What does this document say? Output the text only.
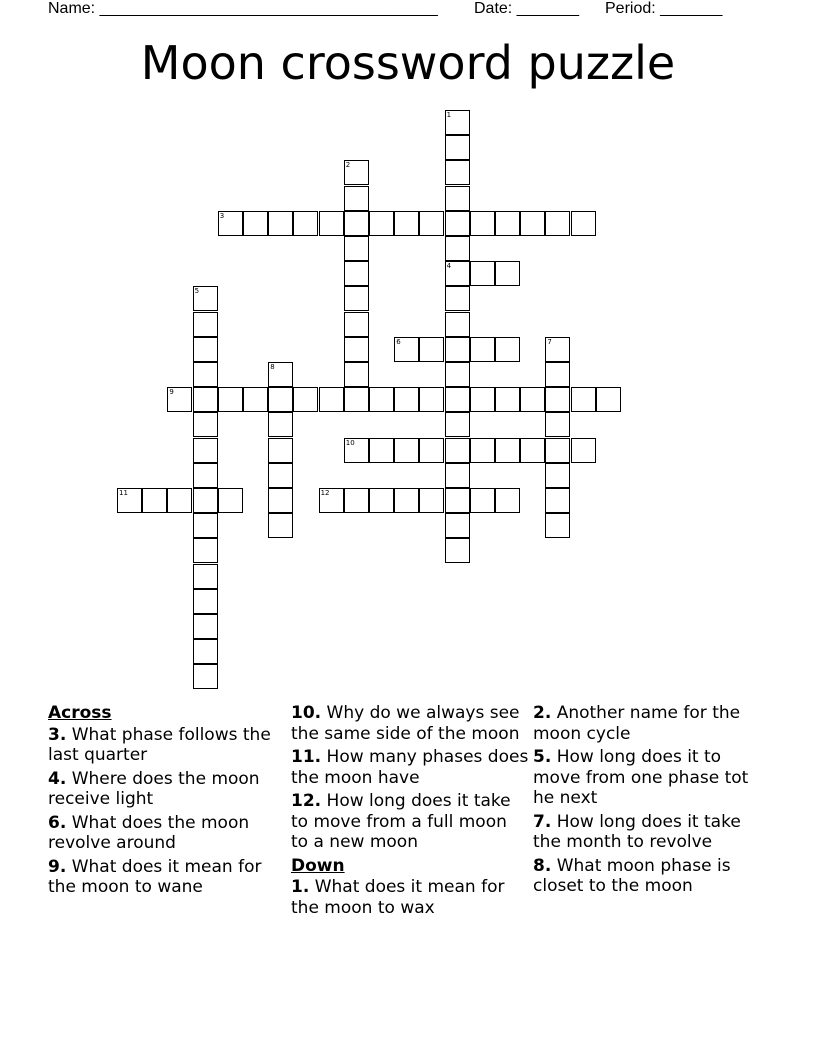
Name: ______________________________________ Date: _______ Period: _______
Moon crossword puzzle
1
4
2
3
5
6	7
8
9
10
11	12
Across
3. What phase follows the last quarter
4. Where does the moon receive light
6. What does the moon revolve around
9. What does it mean for the moon to wane
10. Why do we always see the same side of the moon
11. How many phases does the moon have
12. How long does it take to move from a full moon to a new moon
Down
1. What does it mean for the moon to wax
2. Another name for the moon cycle
5. How long does it to move from one phase tot he next
7. How long does it take the month to revolve
8. What moon phase is closet to the moon
